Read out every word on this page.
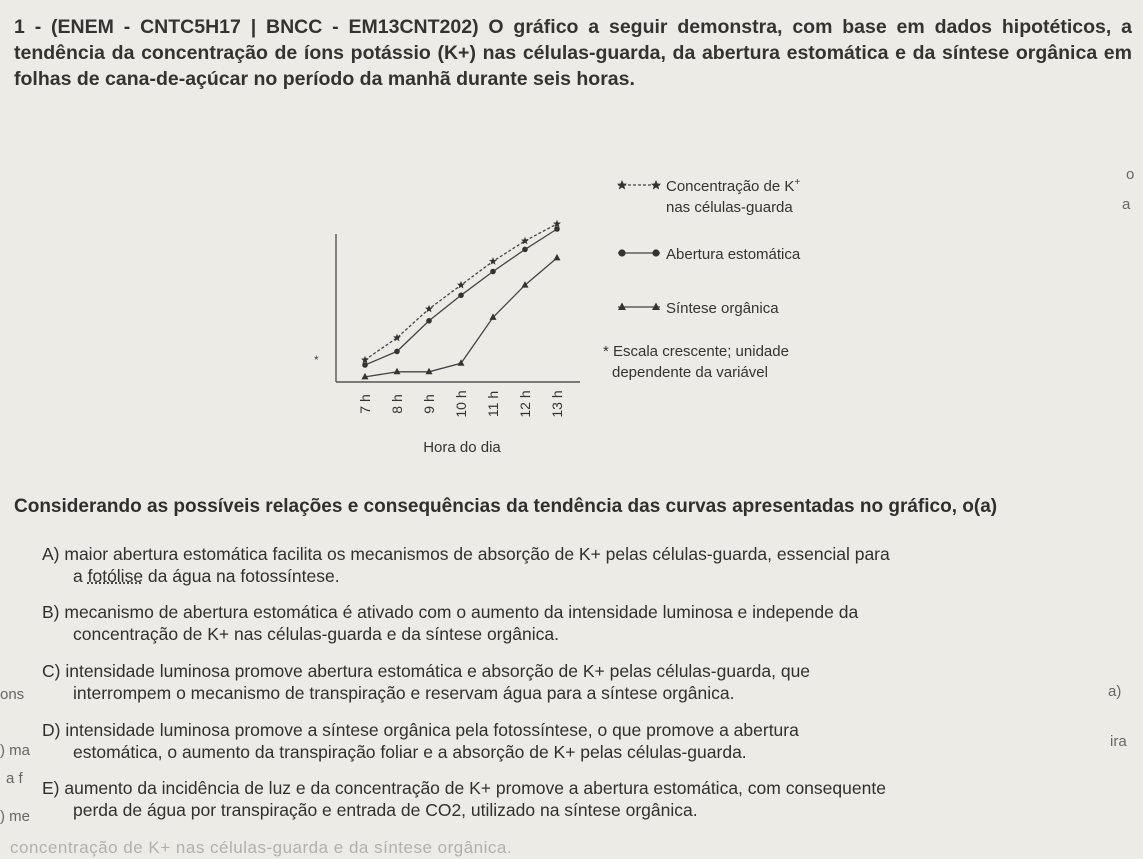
1 - (ENEM - CNTC5H17 | BNCC - EM13CNT202) O gráfico a seguir demonstra, com base em dados hipotéticos, a tendência da concentração de íons potássio (K+) nas células-guarda, da abertura estomática e da síntese orgânica em folhas de cana-de-açúcar no período da manhã durante seis horas.

*
7 h 8 h 9 h 10 h 11 h 12 h 13 h
Hora do dia
Concentração de K+
nas células-guarda
Abertura estomática
Síntese orgânica
* Escala crescente; unidade
dependente da variável

Considerando as possíveis relações e consequências da tendência das curvas apresentadas no gráfico, o(a)

A) maior abertura estomática facilita os mecanismos de absorção de K+ pelas células-guarda, essencial para
a fotólise da água na fotossíntese.
B) mecanismo de abertura estomática é ativado com o aumento da intensidade luminosa e independe da
concentração de K+ nas células-guarda e da síntese orgânica.
C) intensidade luminosa promove abertura estomática e absorção de K+ pelas células-guarda, que
interrompem o mecanismo de transpiração e reservam água para a síntese orgânica.
D) intensidade luminosa promove a síntese orgânica pela fotossíntese, o que promove a abertura
estomática, o aumento da transpiração foliar e a absorção de K+ pelas células-guarda.
E) aumento da incidência de luz e da concentração de K+ promove a abertura estomática, com consequente
perda de água por transpiração e entrada de CO2, utilizado na síntese orgânica.
ons
) ma
a f
) me
a)
ira
o
a
concentração de K+ nas células-guarda e da síntese orgânica.
